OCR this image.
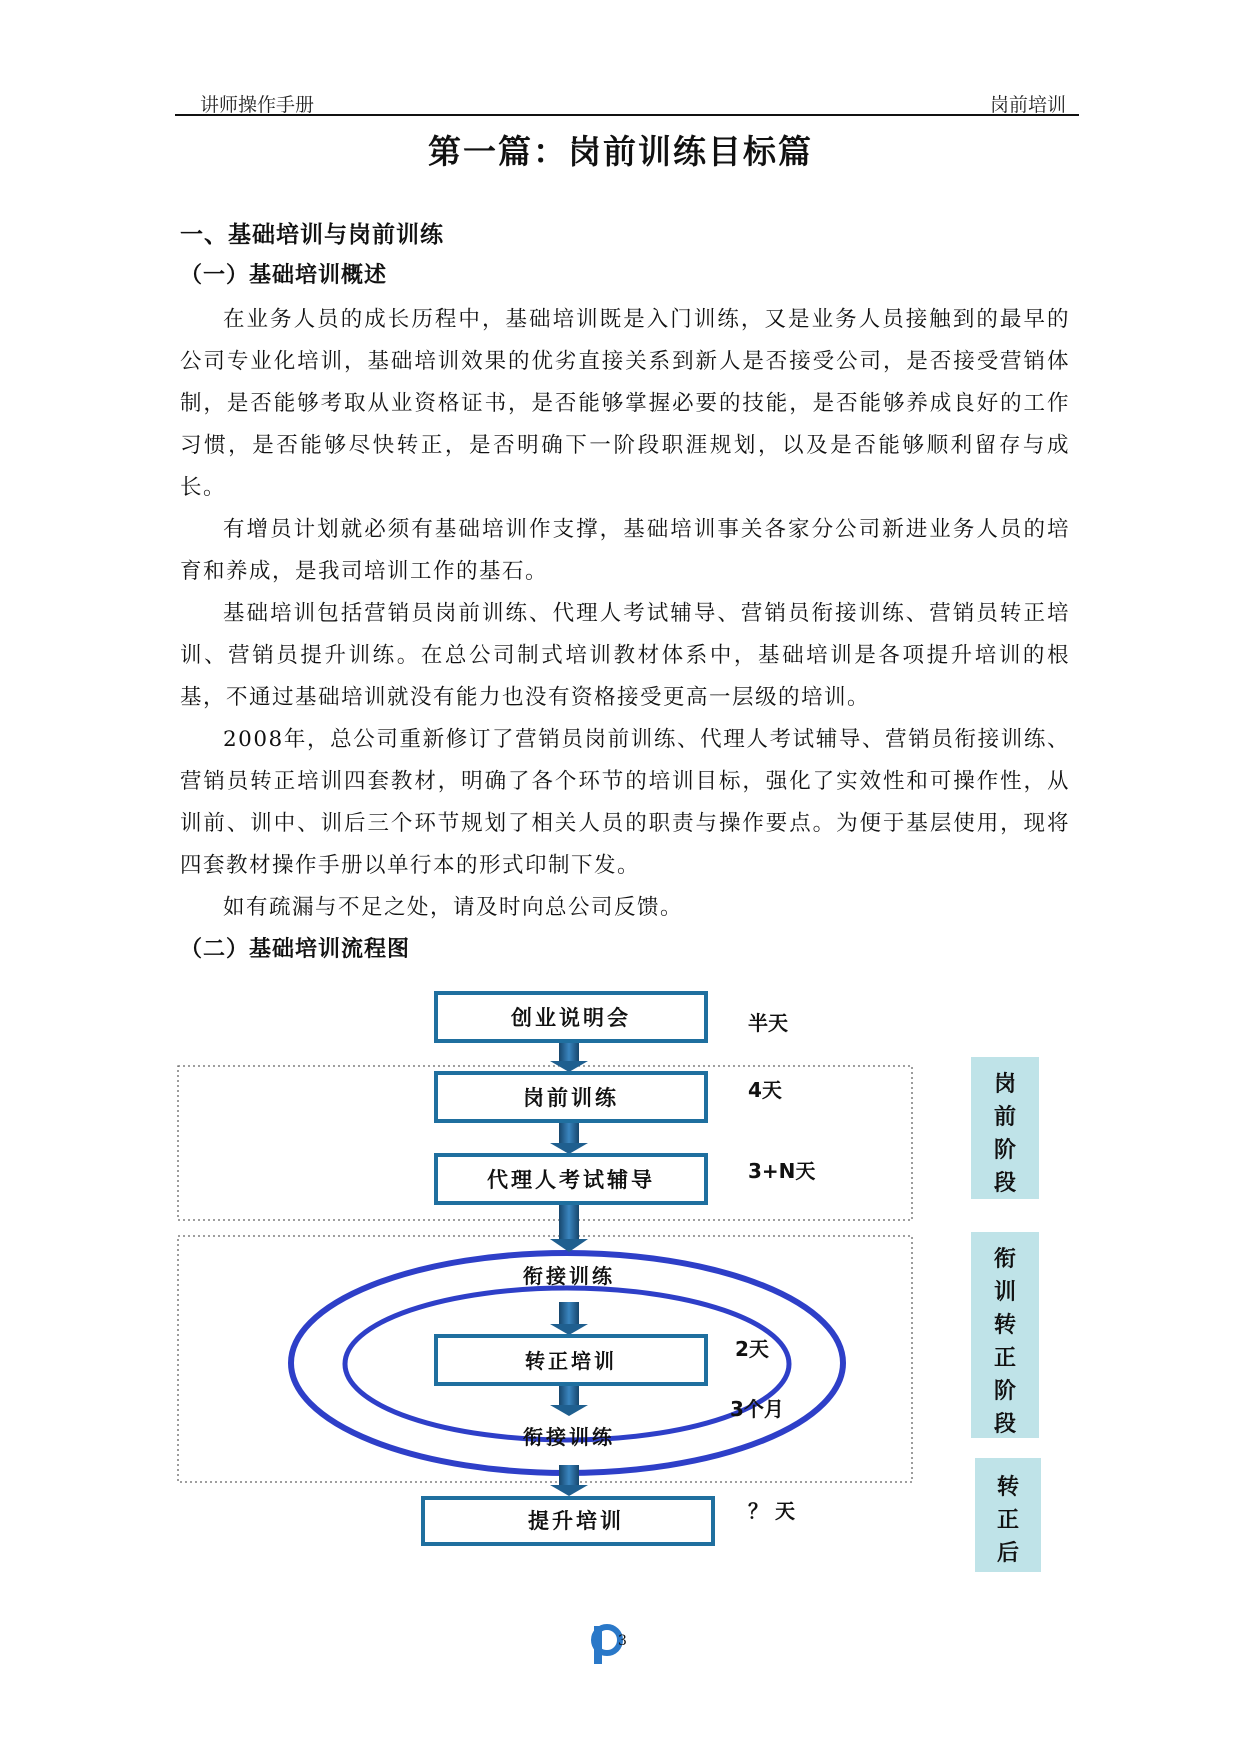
讲师操作手册	岗前培训
第一篇：岗前训练目标篇
一、基础培训与岗前训练
（一）基础培训概述

在业务人员的成长历程中，基础培训既是入门训练，又是业务人员接触到的最早的公司专业化培训，基础培训效果的优劣直接关系到新人是否接受公司，是否接受营销体制，是否能够考取从业资格证书，是否能够掌握必要的技能，是否能够养成良好的工作习惯，是否能够尽快转正，是否明确下一阶段职涯规划，以及是否能够顺利留存与成长。

有增员计划就必须有基础培训作支撑，基础培训事关各家分公司新进业务人员的培育和养成，是我司培训工作的基石。

基础培训包括营销员岗前训练、代理人考试辅导、营销员衔接训练、营销员转正培训、营销员提升训练。在总公司制式培训教材体系中，基础培训是各项提升培训的根基，不通过基础培训就没有能力也没有资格接受更高一层级的培训。

2008年，总公司重新修订了营销员岗前训练、代理人考试辅导、营销员衔接训练、营销员转正培训四套教材，明确了各个环节的培训目标，强化了实效性和可操作性，从训前、训中、训后三个环节规划了相关人员的职责与操作要点。为便于基层使用，现将四套教材操作手册以单行本的形式印制下发。

如有疏漏与不足之处，请及时向总公司反馈。

（二）基础培训流程图
创业说明会
岗前训练
代理人考试辅导
衔接训练
转正培训
衔接训练
提升培训
半天
4天
3+N天
2天
3个月
？ 天
岗
前
阶
段
衔
训
转
正
阶
段
转
正
后
3
